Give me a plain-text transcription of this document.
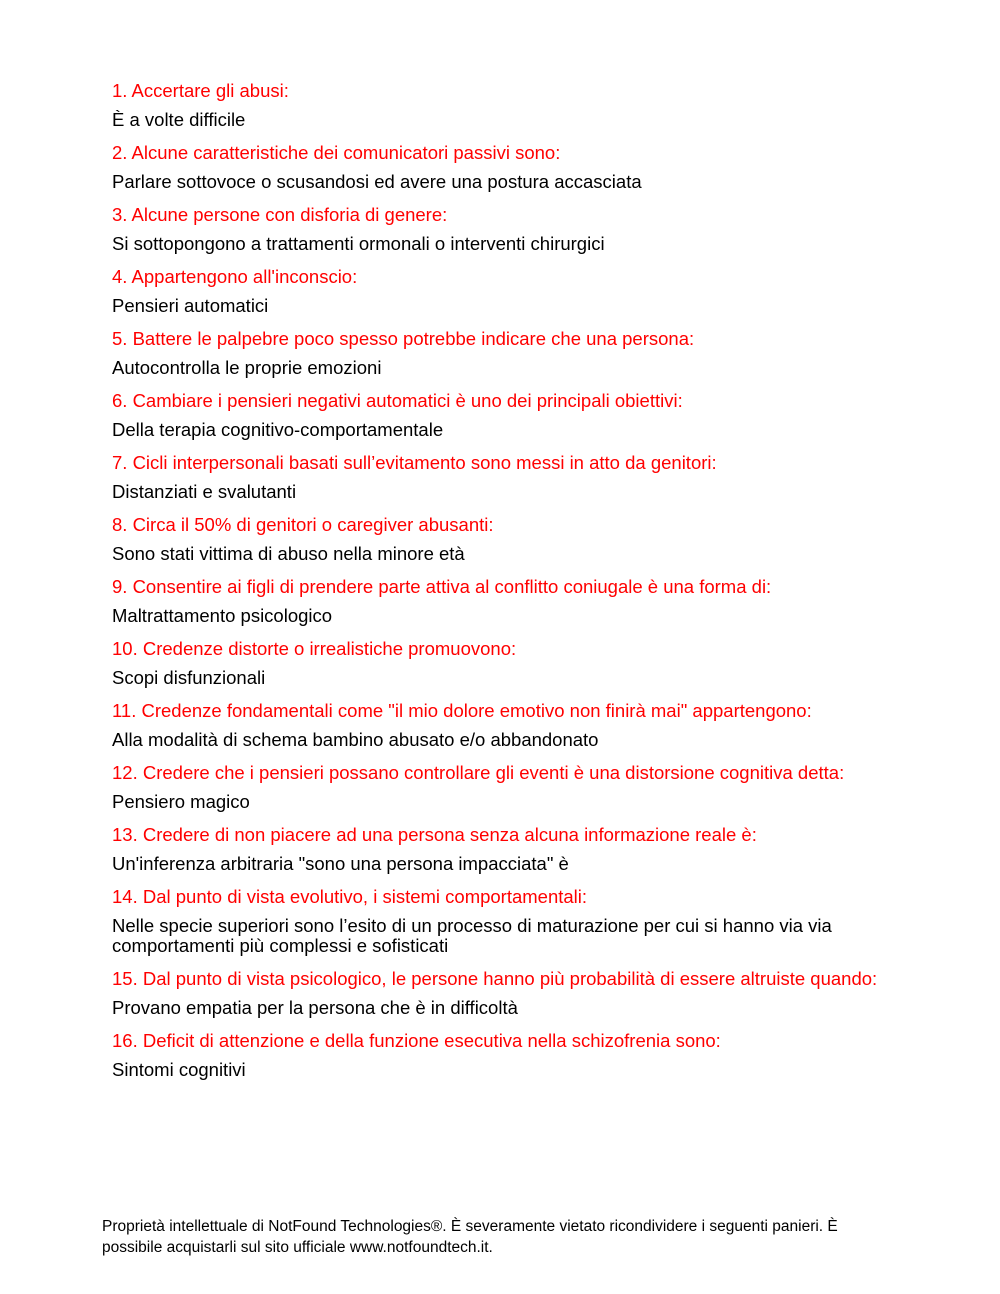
1. Accertare gli abusi:
È a volte difficile
2. Alcune caratteristiche dei comunicatori passivi sono:
Parlare sottovoce o scusandosi ed avere una postura accasciata
3. Alcune persone con disforia di genere:
Si sottopongono a trattamenti ormonali o interventi chirurgici
4. Appartengono all'inconscio:
Pensieri automatici
5. Battere le palpebre poco spesso potrebbe indicare che una persona:
Autocontrolla le proprie emozioni
6. Cambiare i pensieri negativi automatici è uno dei principali obiettivi:
Della terapia cognitivo-comportamentale
7. Cicli interpersonali basati sull’evitamento sono messi in atto da genitori:
Distanziati e svalutanti
8. Circa il 50% di genitori o caregiver abusanti:
Sono stati vittima di abuso nella minore età
9. Consentire ai figli di prendere parte attiva al conflitto coniugale è una forma di:
Maltrattamento psicologico
10. Credenze distorte o irrealistiche promuovono:
Scopi disfunzionali
11. Credenze fondamentali come "il mio dolore emotivo non finirà mai" appartengono:
Alla modalità di schema bambino abusato e/o abbandonato
12. Credere che i pensieri possano controllare gli eventi è una distorsione cognitiva detta:
Pensiero magico
13. Credere di non piacere ad una persona senza alcuna informazione reale è:
Un'inferenza arbitraria "sono una persona impacciata" è
14. Dal punto di vista evolutivo, i sistemi comportamentali:
Nelle specie superiori sono l’esito di un processo di maturazione per cui si hanno via via comportamenti più complessi e sofisticati
15. Dal punto di vista psicologico, le persone hanno più probabilità di essere altruiste quando:
Provano empatia per la persona che è in difficoltà
16. Deficit di attenzione e della funzione esecutiva nella schizofrenia sono:
Sintomi cognitivi
Proprietà intellettuale di NotFound Technologies®. È severamente vietato ricondividere i seguenti panieri. È
possibile acquistarli sul sito ufficiale www.notfoundtech.it.
